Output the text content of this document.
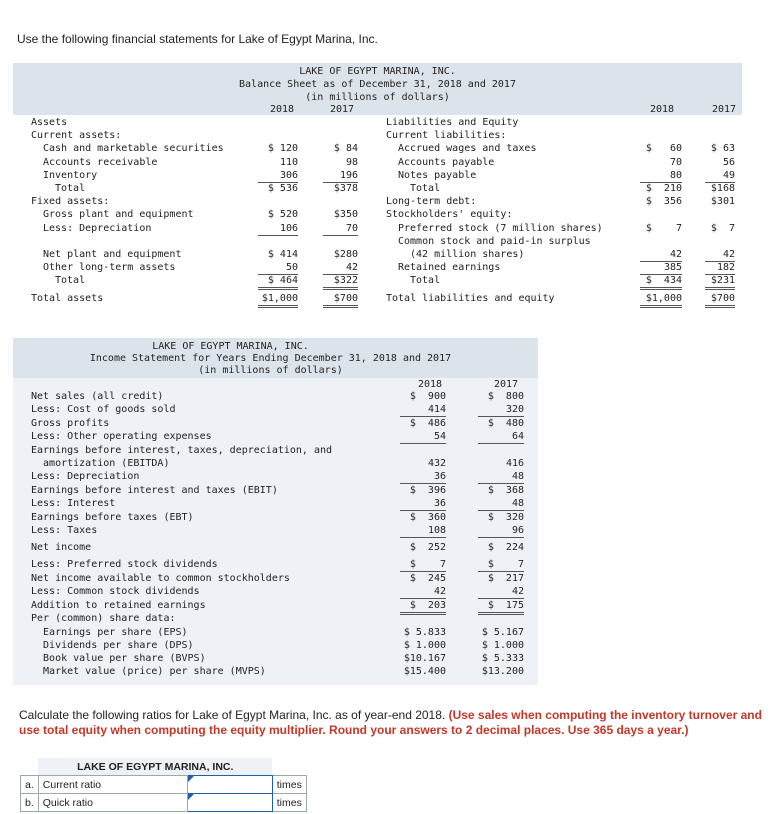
Use the following financial statements for Lake of Egypt Marina, Inc.
LAKE OF EGYPT MARINA, INC.
Balance Sheet as of December 31, 2018 and 2017
(in millions of dollars)
2018	2017	2018	2017
Assets
Current assets:
Cash and marketable securities	$ 120	$ 84
Accounts receivable	110	98
Inventory	306	196
Total	$ 536	$378
Fixed assets:
Gross plant and equipment	$ 520	$350
Less: Depreciation	106	70
Net plant and equipment	$ 414	$280
Other long-term assets	50	42
Total	$ 464	$322
Total assets	$1,000	$700
Liabilities and Equity
Current liabilities:
Accrued wages and taxes	$   60	$ 63
Accounts payable	70	56
Notes payable	80	49
Total	$  210	$168
Long-term debt:	$  356	$301
Stockholders' equity:
Preferred stock (7 million shares)	$    7	$  7
Common stock and paid-in surplus
(42 million shares)	42	42
Retained earnings	385	182
Total	$  434	$231
Total liabilities and equity	$1,000	$700
LAKE OF EGYPT MARINA, INC.
Income Statement for Years Ending December 31, 2018 and 2017
(in millions of dollars)
2018	2017
Net sales (all credit)	$  900	$  800
Less: Cost of goods sold	414	320
Gross profits	$  486	$  480
Less: Other operating expenses	54	64
Earnings before interest, taxes, depreciation, and
amortization (EBITDA)	432	416
Less: Depreciation	36	48
Earnings before interest and taxes (EBIT)	$  396	$  368
Less: Interest	36	48
Earnings before taxes (EBT)	$  360	$  320
Less: Taxes	108	96
Net income	$  252	$  224
Less: Preferred stock dividends	$    7	$    7
Net income available to common stockholders	$  245	$  217
Less: Common stock dividends	42	42
Addition to retained earnings	$  203	$  175
Per (common) share data:
Earnings per share (EPS)	$ 5.833	$ 5.167
Dividends per share (DPS)	$ 1.000	$ 1.000
Book value per share (BVPS)	$10.167	$ 5.333
Market value (price) per share (MVPS)	$15.400	$13.200
Calculate the following ratios for Lake of Egypt Marina, Inc. as of year-end 2018. (Use sales when computing the inventory turnover and use total equity when computing the equity multiplier. Round your answers to 2 decimal places. Use 365 days a year.)
	LAKE OF EGYPT MARINA, INC.		
a.	Current ratio		times
b.	Quick ratio		times
